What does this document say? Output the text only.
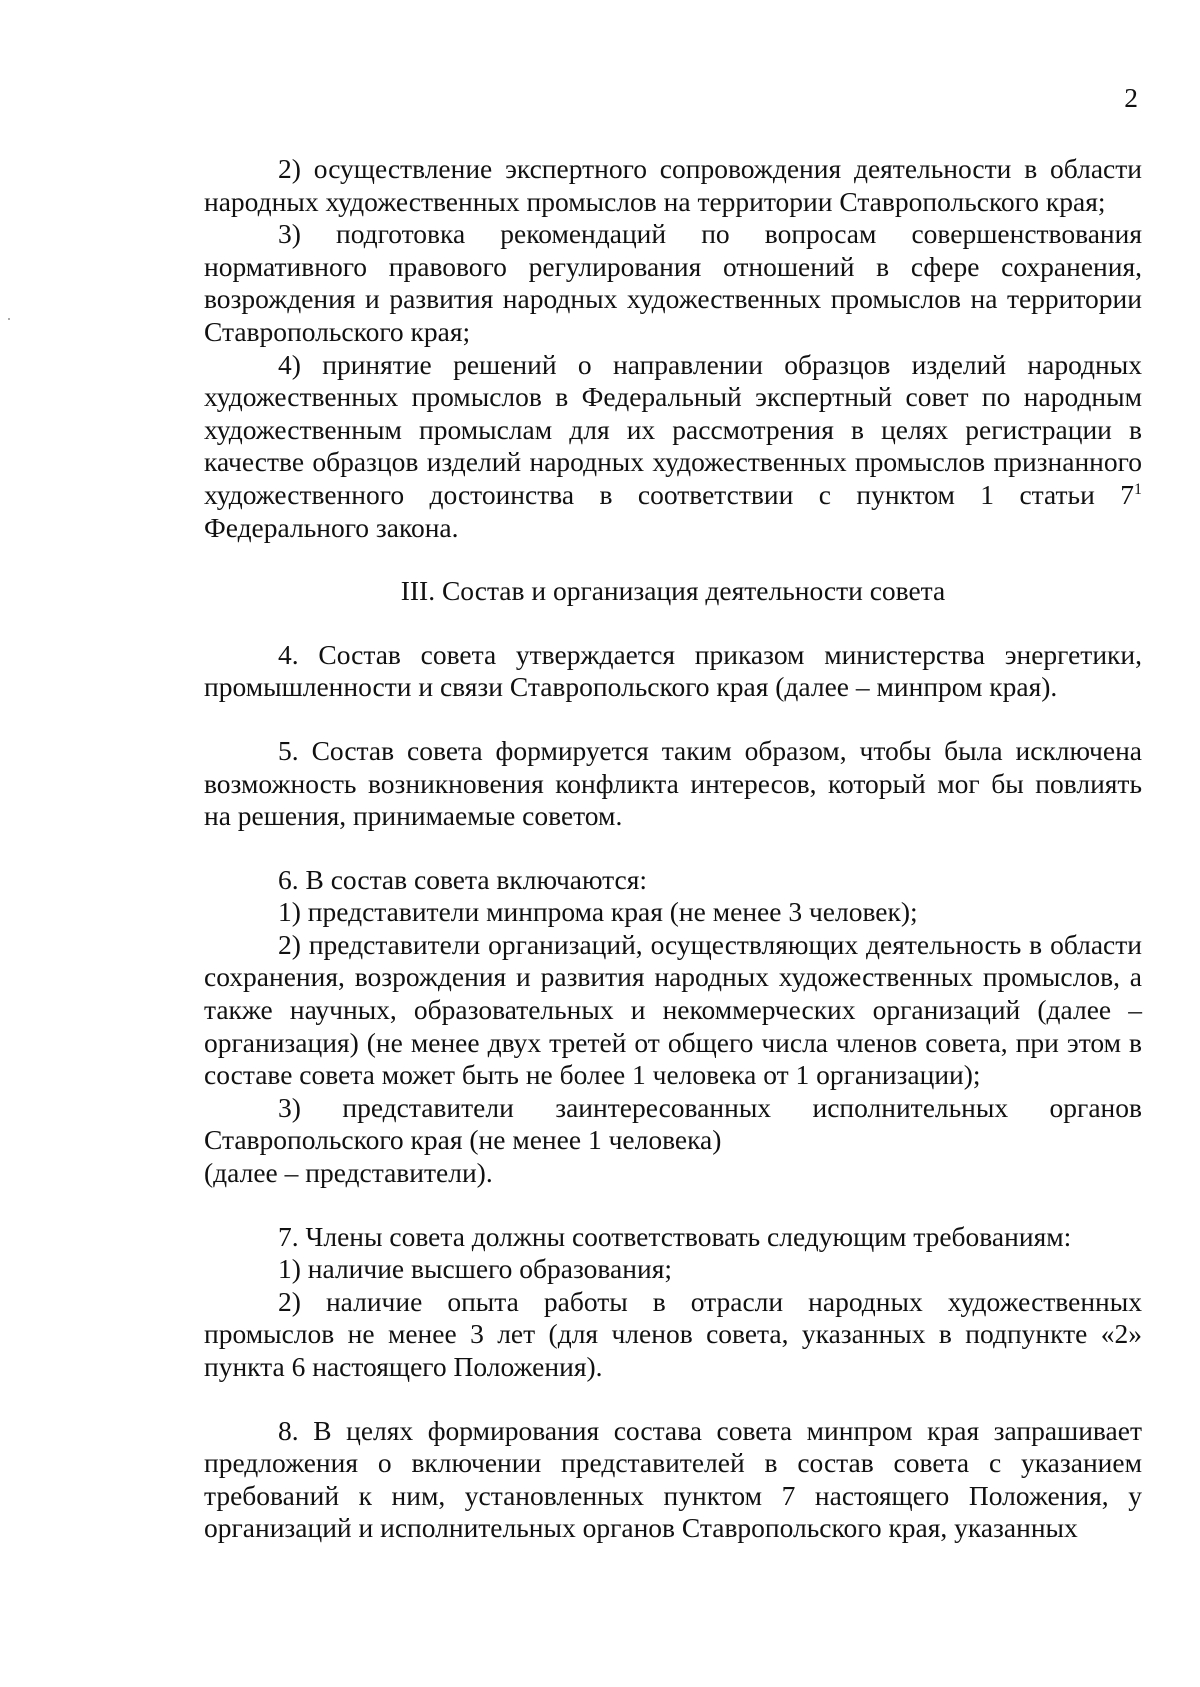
2

2) осуществление экспертного сопровождения деятельности в области народных художественных промыслов на территории Ставропольского края;

3) подготовка рекомендаций по вопросам совершенствования нормативного правового регулирования отношений в сфере сохранения, возрождения и развития народных художественных промыслов на территории Ставропольского края;

4) принятие решений о направлении образцов изделий народных художественных промыслов в Федеральный экспертный совет по народным художественным промыслам для их рассмотрения в целях регистрации в качестве образцов изделий народных художественных промыслов признанного художественного достоинства в соответствии с пунктом 1 статьи $7^1$ Федерального закона.

III. Состав и организация деятельности совета

4. Состав совета утверждается приказом министерства энергетики, промышленности и связи Ставропольского края (далее – минпром края).

5. Состав совета формируется таким образом, чтобы была исключена возможность возникновения конфликта интересов, который мог бы повлиять на решения, принимаемые советом.

6. В состав совета включаются:

1) представители минпрома края (не менее 3 человек);

2) представители организаций, осуществляющих деятельность в области сохранения, возрождения и развития народных художественных промыслов, а также научных, образовательных и некоммерческих организаций (далее – организация) (не менее двух третей от общего числа членов совета, при этом в составе совета может быть не более 1 человека от 1 организации);

3) представители заинтересованных исполнительных органов Ставропольского края (не менее 1 человека)

(далее – представители).

7. Члены совета должны соответствовать следующим требованиям:

1) наличие высшего образования;

2) наличие опыта работы в отрасли народных художественных промыслов не менее 3 лет (для членов совета, указанных в подпункте «2» пункта 6 настоящего Положения).

8. В целях формирования состава совета минпром края запрашивает предложения о включении представителей в состав совета с указанием требований к ним, установленных пунктом 7 настоящего Положения, у организаций и исполнительных органов Ставропольского края, указанных
